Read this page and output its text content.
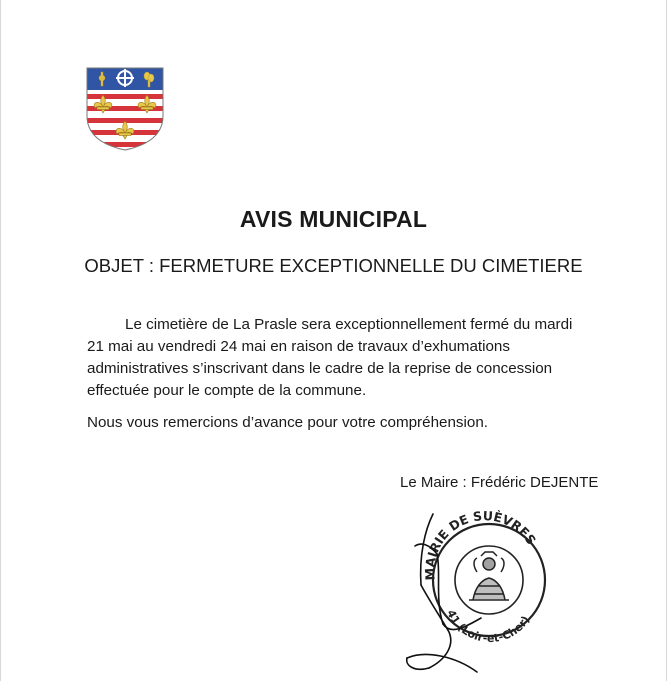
AVIS MUNICIPAL
OBJET : FERMETURE EXCEPTIONNELLE DU CIMETIERE

Le cimetière de La Prasle sera exceptionnellement fermé du mardi 21 mai au vendredi 24 mai en raison de travaux d’exhumations administratives s’inscrivant dans le cadre de la reprise de concession effectuée pour le compte de la commune.

Nous vous remercions d’avance pour votre compréhension.

Le Maire : Frédéric DEJENTE
MAIRIE DE SUÈVRES
41 (Loir-et-Cher)
